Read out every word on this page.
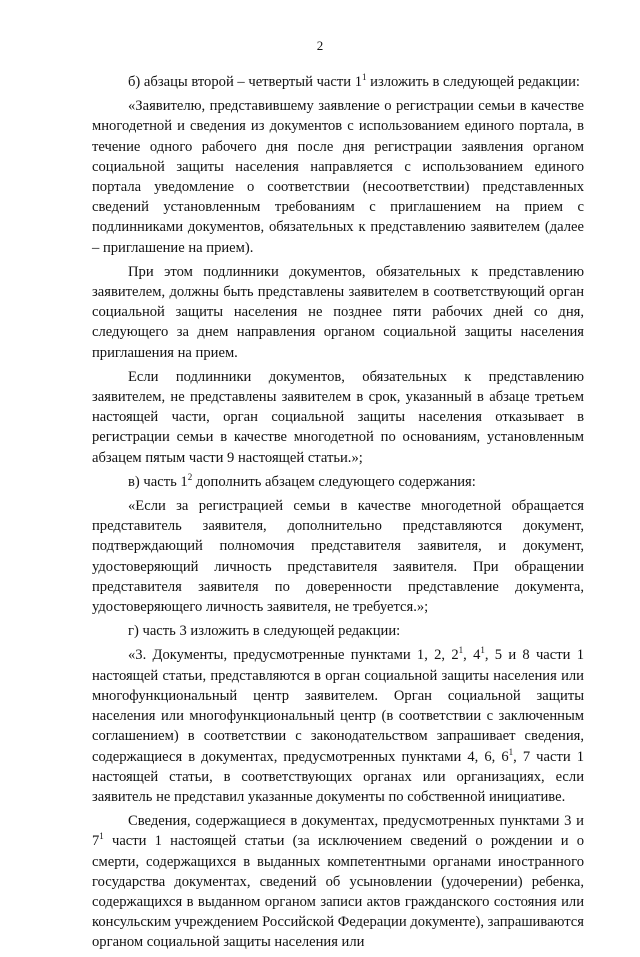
2

б) абзацы второй – четвертый части $1^1$ изложить в следующей редакции:

«Заявителю, представившему заявление о регистрации семьи в качестве многодетной и сведения из документов с использованием единого портала, в течение одного рабочего дня после дня регистрации заявления органом социальной защиты населения направляется с использованием единого портала уведомление о соответствии (несоответствии) представленных сведений установленным требованиям с приглашением на прием с подлинниками документов, обязательных к представлению заявителем (далее – приглашение на прием).

При этом подлинники документов, обязательных к представлению заявителем, должны быть представлены заявителем в соответствующий орган социальной защиты населения не позднее пяти рабочих дней со дня, следующего за днем направления органом социальной защиты населения приглашения на прием.

Если подлинники документов, обязательных к представлению заявителем, не представлены заявителем в срок, указанный в абзаце третьем настоящей части, орган социальной защиты населения отказывает в регистрации семьи в качестве многодетной по основаниям, установленным абзацем пятым части 9 настоящей статьи.»;

в) часть $1^2$ дополнить абзацем следующего содержания:

«Если за регистрацией семьи в качестве многодетной обращается представитель заявителя, дополнительно представляются документ, подтверждающий полномочия представителя заявителя, и документ, удостоверяющий личность представителя заявителя. При обращении представителя заявителя по доверенности представление документа, удостоверяющего личность заявителя, не требуется.»;

г) часть 3 изложить в следующей редакции:

«3. Документы, предусмотренные пунктами 1, 2, $2^1$, $4^1$, 5 и 8 части 1 настоящей статьи, представляются в орган социальной защиты населения или многофункциональный центр заявителем. Орган социальной защиты населения или многофункциональный центр (в соответствии с заключенным соглашением) в соответствии с законодательством запрашивает сведения, содержащиеся в документах, предусмотренных пунктами 4, 6, $6^1$, 7 части 1 настоящей статьи, в соответствующих органах или организациях, если заявитель не представил указанные документы по собственной инициативе.

Сведения, содержащиеся в документах, предусмотренных пунктами 3 и $7^1$ части 1 настоящей статьи (за исключением сведений о рождении и о смерти, содержащихся в выданных компетентными органами иностранного государства документах, сведений об усыновлении (удочерении) ребенка, содержащихся в выданном органом записи актов гражданского состояния или консульским учреждением Российской Федерации документе), запрашиваются органом социальной защиты населения или
